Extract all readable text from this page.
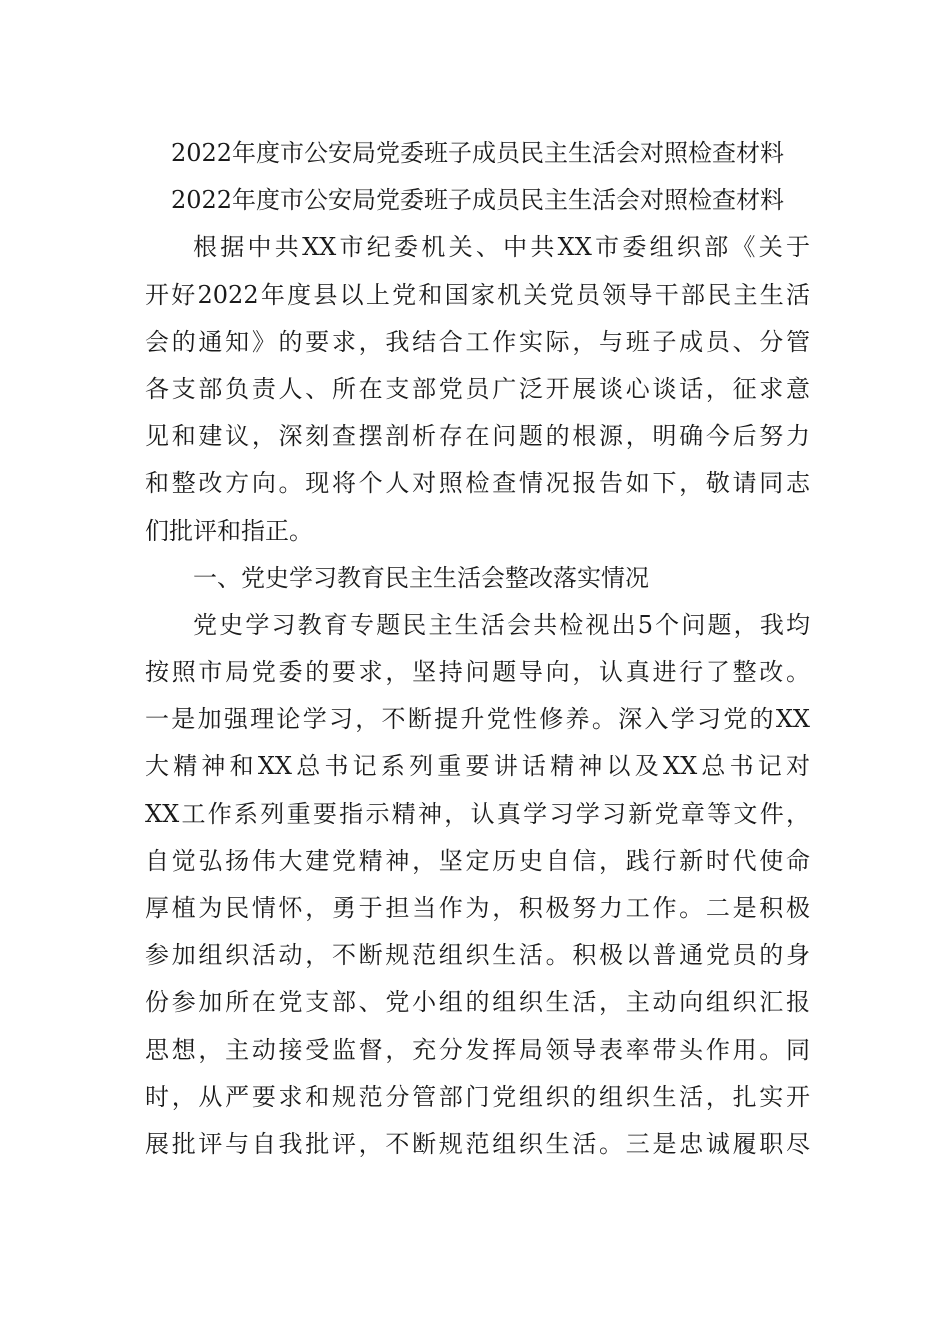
2022年度市公安局党委班子成员民主生活会对照检查材料
2022年度市公安局党委班子成员民主生活会对照检查材料
根据中共XX市纪委机关、中共XX市委组织部《关于
开好2022年度县以上党和国家机关党员领导干部民主生活
会的通知》的要求，我结合工作实际，与班子成员、分管
各支部负责人、所在支部党员广泛开展谈心谈话，征求意
见和建议，深刻查摆剖析存在问题的根源，明确今后努力
和整改方向。现将个人对照检查情况报告如下，敬请同志
们批评和指正。
一、党史学习教育民主生活会整改落实情况
党史学习教育专题民主生活会共检视出5个问题，我均
按照市局党委的要求，坚持问题导向，认真进行了整改。
一是加强理论学习，不断提升党性修养。深入学习党的XX
大精神和XX总书记系列重要讲话精神以及XX总书记对
XX工作系列重要指示精神，认真学习学习新党章等文件，
自觉弘扬伟大建党精神，坚定历史自信，践行新时代使命
厚植为民情怀，勇于担当作为，积极努力工作。二是积极
参加组织活动，不断规范组织生活。积极以普通党员的身
份参加所在党支部、党小组的组织生活，主动向组织汇报
思想，主动接受监督，充分发挥局领导表率带头作用。同
时，从严要求和规范分管部门党组织的组织生活，扎实开
展批评与自我批评，不断规范组织生活。三是忠诚履职尽
